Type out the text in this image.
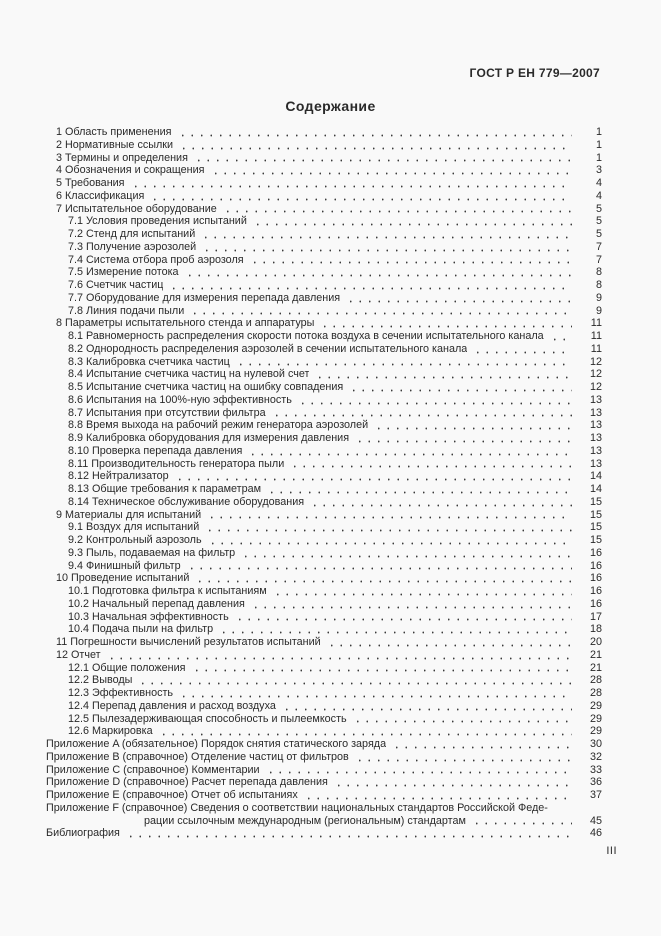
ГОСТ Р ЕН 779—2007
Содержание
1 Область применения	1
2 Нормативные ссылки	1
3 Термины и определения	1
4 Обозначения и сокращения	3
5 Требования	4
6 Классификация	4
7 Испытательное оборудование	5
7.1 Условия проведения испытаний	5
7.2 Стенд для испытаний	5
7.3 Получение аэрозолей	7
7.4 Система отбора проб аэрозоля	7
7.5 Измерение потока	8
7.6 Счетчик частиц	8
7.7 Оборудование для измерения перепада давления	9
7.8 Линия подачи пыли	9
8 Параметры испытательного стенда и аппаратуры	11
8.1 Равномерность распределения скорости потока воздуха в сечении испытательного канала	11
8.2 Однородность распределения аэрозолей в сечении испытательного канала	11
8.3 Калибровка счетчика частиц	12
8.4 Испытание счетчика частиц на нулевой счет	12
8.5 Испытание счетчика частиц на ошибку совпадения	12
8.6 Испытания на 100%-ную эффективность	13
8.7 Испытания при отсутствии фильтра	13
8.8 Время выхода на рабочий режим генератора аэрозолей	13
8.9 Калибровка оборудования для измерения давления	13
8.10 Проверка перепада давления	13
8.11 Производительность генератора пыли	13
8.12 Нейтрализатор	14
8.13 Общие требования к параметрам	14
8.14 Техническое обслуживание оборудования	15
9 Материалы для испытаний	15
9.1 Воздух для испытаний	15
9.2 Контрольный аэрозоль	15
9.3 Пыль, подаваемая на фильтр	16
9.4 Финишный фильтр	16
10 Проведение испытаний	16
10.1 Подготовка фильтра к испытаниям	16
10.2 Начальный перепад давления	16
10.3 Начальная эффективность	17
10.4 Подача пыли на фильтр	18
11 Погрешности вычислений результатов испытаний	20
12 Отчет	21
12.1 Общие положения	21
12.2 Выводы	28
12.3 Эффективность	28
12.4 Перепад давления и расход воздуха	29
12.5 Пылезадерживающая способность и пылеемкость	29
12.6 Маркировка	29
Приложение A (обязательное) Порядок снятия статического заряда	30
Приложение B (справочное) Отделение частиц от фильтров	32
Приложение C (справочное) Комментарии	33
Приложение D (справочное) Расчет перепада давления	36
Приложение E (справочное) Отчет об испытаниях	37
Приложение F (справочное) Сведения о соответствии национальных стандартов Российской Феде-
рации ссылочным международным (региональным) стандартам	45
Библиография	46
III
